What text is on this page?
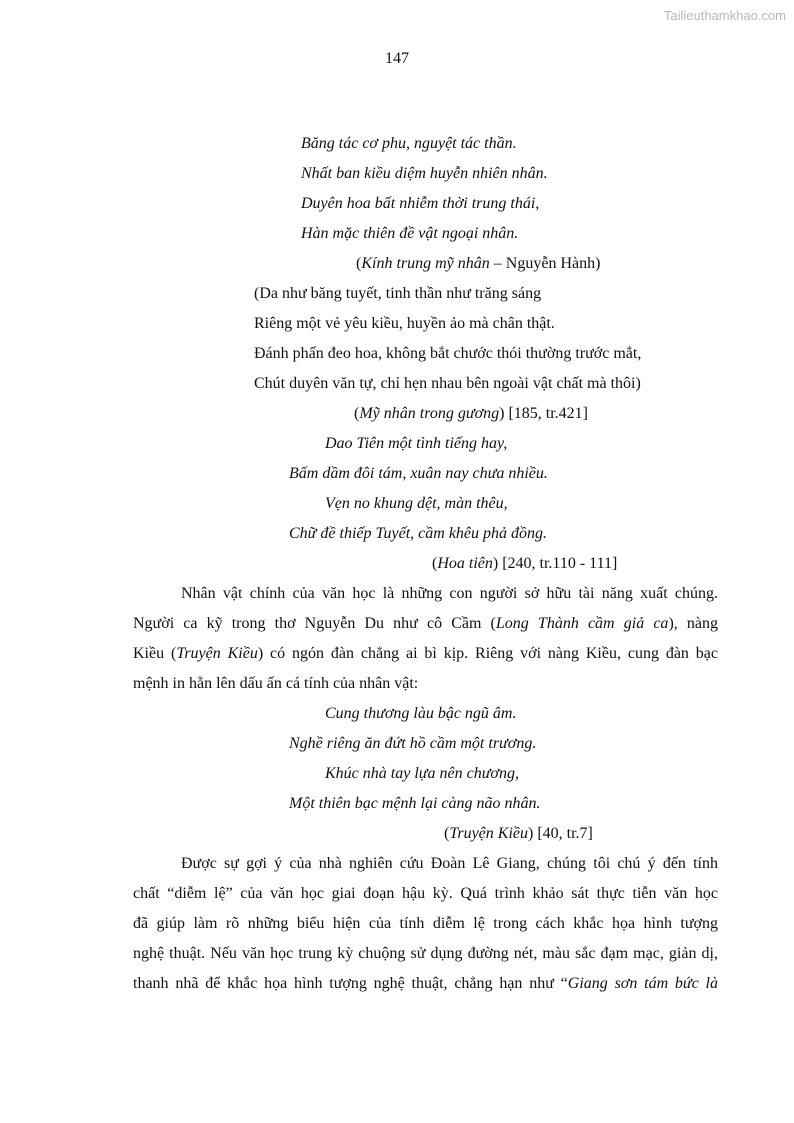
Tailieuthamkhao.com
147
Băng tác cơ phu, nguyệt tác thần.
Nhất ban kiều diệm huyễn nhiên nhân.
Duyên hoa bất nhiễm thời trung thái,
Hàn mặc thiên đề vật ngoại nhân.
(Kính trung mỹ nhân – Nguyễn Hành)
(Da như băng tuyết, tinh thần như trăng sáng
Riêng một vẻ yêu kiều, huyền ảo mà chân thật.
Đánh phấn đeo hoa, không bắt chước thói thường trước mắt,
Chút duyên văn tự, chỉ hẹn nhau bên ngoài vật chất mà thôi)
(Mỹ nhân trong gương) [185, tr.421]
Dao Tiên một tình tiếng hay,
Bấm dầm đôi tám, xuân nay chưa nhiều.
Vẹn no khung dệt, màn thêu,
Chữ đề thiếp Tuyết, cầm khêu phả đồng.
(Hoa tiên) [240, tr.110 - 111]
Nhân vật chính của văn học là những con người sở hữu tài năng xuất chúng.
Người ca kỹ trong thơ Nguyễn Du như cô Cầm (Long Thành cầm giả ca), nàng
Kiều (Truyện Kiều) có ngón đàn chẳng ai bì kịp. Riêng với nàng Kiều, cung đàn bạc
mệnh in hằn lên dấu ấn cá tính của nhân vật:
Cung thương làu bậc ngũ âm.
Nghề riêng ăn đứt hồ cầm một trương.
Khúc nhà tay lựa nên chương,
Một thiên bạc mệnh lại càng não nhân.
(Truyện Kiều) [40, tr.7]
Được sự gợi ý của nhà nghiên cứu Đoàn Lê Giang, chúng tôi chú ý đến tính
chất “diễm lệ” của văn học giai đoạn hậu kỳ. Quá trình khảo sát thực tiễn văn học
đã giúp làm rõ những biểu hiện của tính diễm lệ trong cách khắc họa hình tượng
nghệ thuật. Nếu văn học trung kỳ chuộng sử dụng đường nét, màu sắc đạm mạc, giản dị,
thanh nhã để khắc họa hình tượng nghệ thuật, chẳng hạn như “Giang sơn tám bức là
